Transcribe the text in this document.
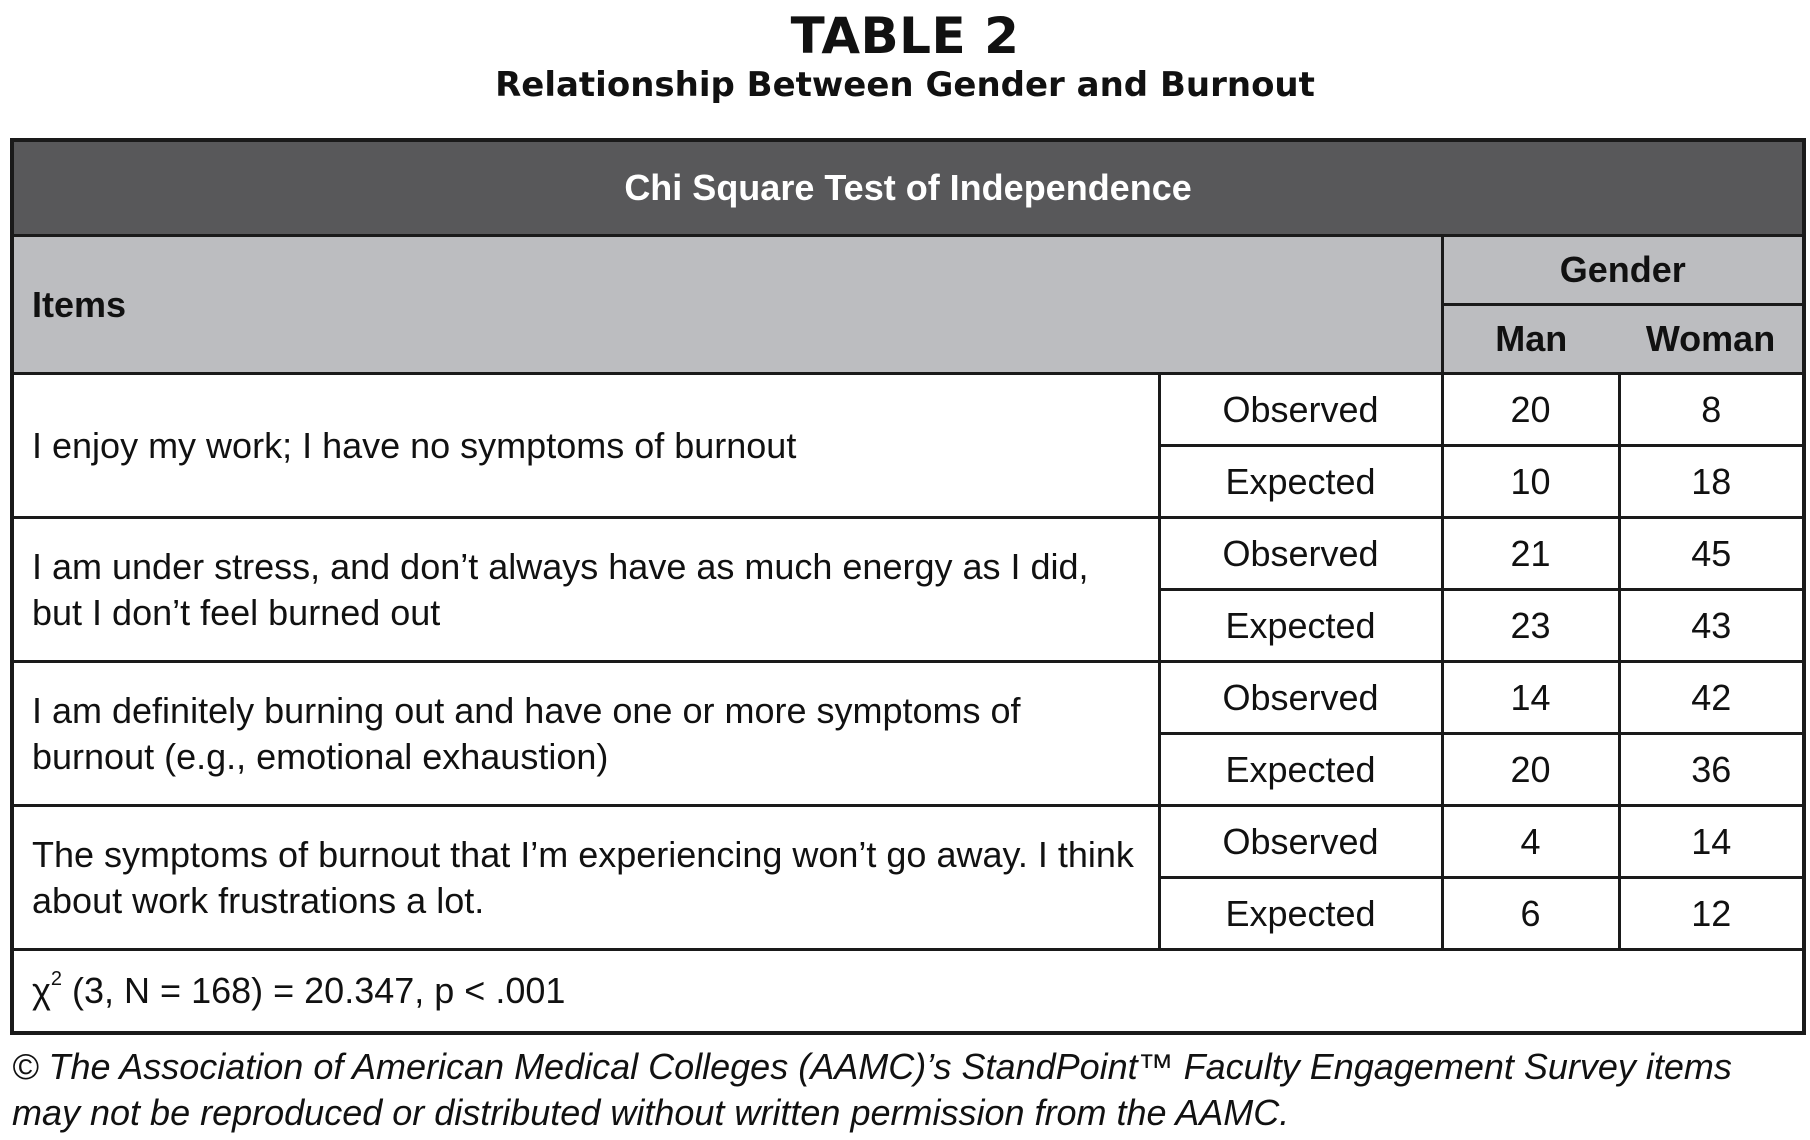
TABLE 2
Relationship Between Gender and Burnout
Chi Square Test of Independence			
Items		Gender	
		Man	Woman
I enjoy my work; I have no symptoms of burnout	Observed	20	8
	Expected	10	18
I am under stress, and don’t always have as much energy as I did, but I don’t feel burned out	Observed	21	45
	Expected	23	43
I am definitely burning out and have one or more symptoms of burnout (e.g., emotional exhaustion)	Observed	14	42
	Expected	20	36
The symptoms of burnout that I’m experiencing won’t go away. I think about work frustrations a lot.	Observed	4	14
	Expected	6	12
$\chi^2$ (3, N = 168) = 20.347, p < .001			
© The Association of American Medical Colleges (AAMC)’s StandPoint™ Faculty Engagement Survey items may not be reproduced or distributed without written permission from the AAMC.
